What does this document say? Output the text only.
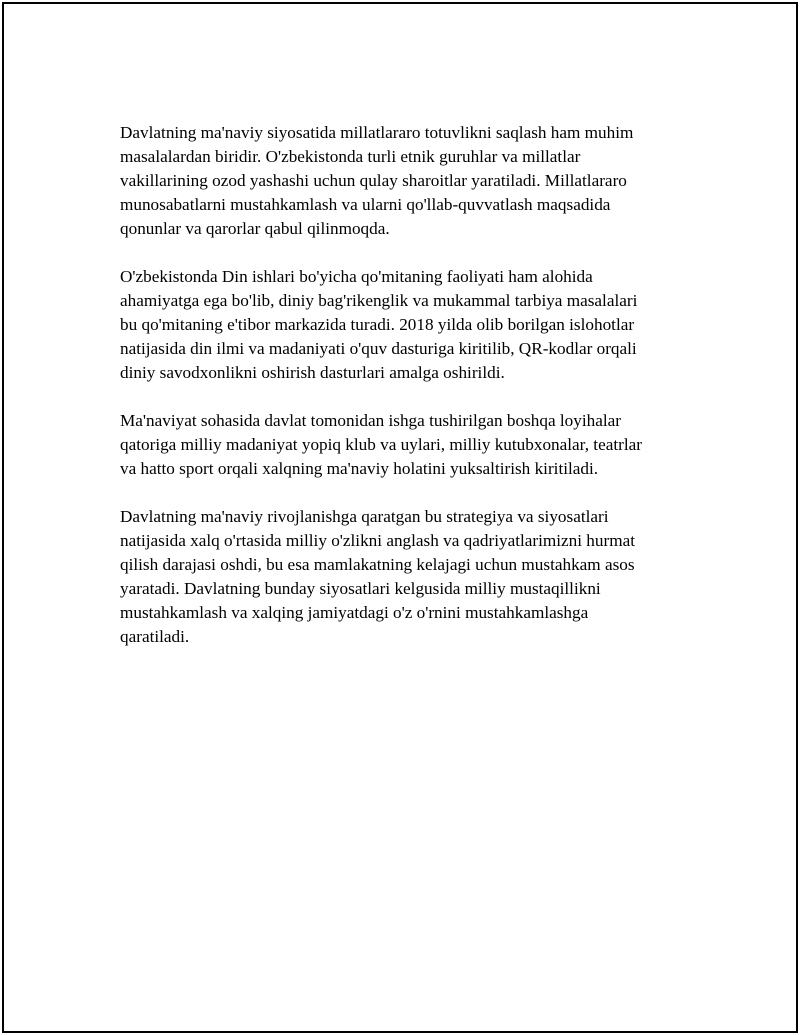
Davlatning ma'naviy siyosatida millatlararo totuvlikni saqlash ham muhim
masalalardan biridir. O'zbekistonda turli etnik guruhlar va millatlar
vakillarining ozod yashashi uchun qulay sharoitlar yaratiladi. Millatlararo
munosabatlarni mustahkamlash va ularni qo'llab-quvvatlash maqsadida
qonunlar va qarorlar qabul qilinmoqda.

O'zbekistonda Din ishlari bo'yicha qo'mitaning faoliyati ham alohida
ahamiyatga ega bo'lib, diniy bag'rikenglik va mukammal tarbiya masalalari
bu qo'mitaning e'tibor markazida turadi. 2018 yilda olib borilgan islohotlar
natijasida din ilmi va madaniyati o'quv dasturiga kiritilib, QR-kodlar orqali
diniy savodxonlikni oshirish dasturlari amalga oshirildi.

Ma'naviyat sohasida davlat tomonidan ishga tushirilgan boshqa loyihalar
qatoriga milliy madaniyat yopiq klub va uylari, milliy kutubxonalar, teatrlar
va hatto sport orqali xalqning ma'naviy holatini yuksaltirish kiritiladi.

Davlatning ma'naviy rivojlanishga qaratgan bu strategiya va siyosatlari
natijasida xalq o'rtasida milliy o'zlikni anglash va qadriyatlarimizni hurmat
qilish darajasi oshdi, bu esa mamlakatning kelajagi uchun mustahkam asos
yaratadi. Davlatning bunday siyosatlari kelgusida milliy mustaqillikni
mustahkamlash va xalqing jamiyatdagi o'z o'rnini mustahkamlashga
qaratiladi.
